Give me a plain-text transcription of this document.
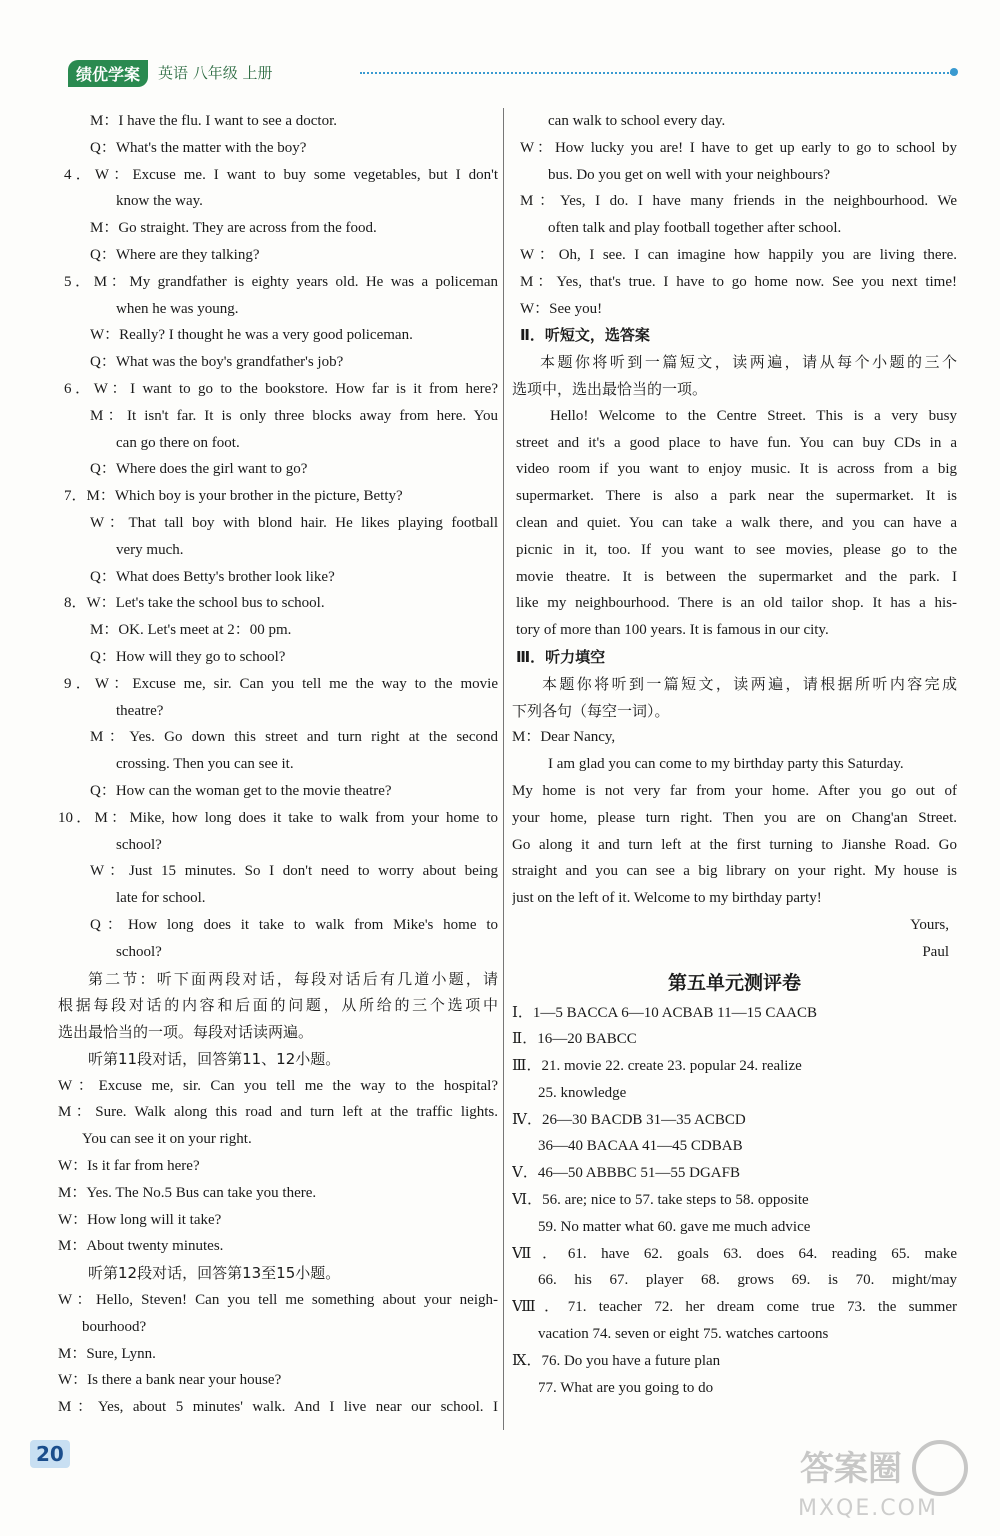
绩优学案	英语 八年级 上册
M：I have the flu. I want to see a doctor.
Q：What's the matter with the boy?
4．W：Excuse me. I want to buy some vegetables, but I don't
know the way.
M：Go straight. They are across from the food.
Q：Where are they talking?
5．M：My grandfather is eighty years old. He was a policeman
when he was young.
W：Really? I thought he was a very good policeman.
Q：What was the boy's grandfather's job?
6．W：I want to go to the bookstore. How far is it from here?
M：It isn't far. It is only three blocks away from here. You
can go there on foot.
Q：Where does the girl want to go?
7．M：Which boy is your brother in the picture, Betty?
W：That tall boy with blond hair. He likes playing football
very much.
Q：What does Betty's brother look like?
8．W：Let's take the school bus to school.
M：OK. Let's meet at 2：00 pm.
Q：How will they go to school?
9．W：Excuse me, sir. Can you tell me the way to the movie
theatre?
M：Yes. Go down this street and turn right at the second
crossing. Then you can see it.
Q：How can the woman get to the movie theatre?
10．M：Mike, how long does it take to walk from your home to
school?
W：Just 15 minutes. So I don't need to worry about being
late for school.
Q：How long does it take to walk from Mike's home to
school?
第二节：听下面两段对话，每段对话后有几道小题，请
根据每段对话的内容和后面的问题，从所给的三个选项中
选出最恰当的一项。每段对话读两遍。
听第11段对话，回答第11、12小题。
W：Excuse me, sir. Can you tell me the way to the hospital?
M：Sure. Walk along this road and turn left at the traffic lights.
You can see it on your right.
W：Is it far from here?
M：Yes. The No.5 Bus can take you there.
W：How long will it take?
M：About twenty minutes.
听第12段对话，回答第13至15小题。
W：Hello, Steven! Can you tell me something about your neigh-
bourhood?
M：Sure, Lynn.
W：Is there a bank near your house?
M：Yes, about 5 minutes' walk. And I live near our school. I
can walk to school every day.
W：How lucky you are! I have to get up early to go to school by
bus. Do you get on well with your neighbours?
M：Yes, I do. I have many friends in the neighbourhood. We
often talk and play football together after school.
W：Oh, I see. I can imagine how happily you are living there.
M：Yes, that's true. I have to go home now. See you next time!
W：See you!
Ⅱ．听短文，选答案
本题你将听到一篇短文，读两遍，请从每个小题的三个
选项中，选出最恰当的一项。
Hello! Welcome to the Centre Street. This is a very busy
street and it's a good place to have fun. You can buy CDs in a
video room if you want to enjoy music. It is across from a big
supermarket. There is also a park near the supermarket. It is
clean and quiet. You can take a walk there, and you can have a
picnic in it, too. If you want to see movies, please go to the
movie theatre. It is between the supermarket and the park. I
like my neighbourhood. There is an old tailor shop. It has a his-
tory of more than 100 years. It is famous in our city.
Ⅲ．听力填空
本题你将听到一篇短文，读两遍，请根据所听内容完成
下列各句（每空一词）。
M：Dear Nancy,
I am glad you can come to my birthday party this Saturday.
My home is not very far from your home. After you go out of
your home, please turn right. Then you are on Chang'an Street.
Go along it and turn left at the first turning to Jianshe Road. Go
straight and you can see a big library on your right. My house is
just on the left of it. Welcome to my birthday party!
Yours,
Paul
第五单元测评卷
Ⅰ．1—5 BACCA 6—10 ACBAB 11—15 CAACB
Ⅱ．16—20 BABCC
Ⅲ．21. movie 22. create 23. popular 24. realize
25. knowledge
Ⅳ．26—30 BACDB 31—35 ACBCD
36—40 BACAA 41—45 CDBAB
Ⅴ．46—50 ABBBC 51—55 DGAFB
Ⅵ．56. are; nice to 57. take steps to 58. opposite
59. No matter what 60. gave me much advice
Ⅶ．61. have 62. goals 63. does 64. reading 65. make
66. his 67. player 68. grows 69. is 70. might/may
Ⅷ．71. teacher 72. her dream come true 73. the summer
vacation 74. seven or eight 75. watches cartoons
Ⅸ．76. Do you have a future plan
77. What are you going to do
20	答案圈
MXQE.COM
